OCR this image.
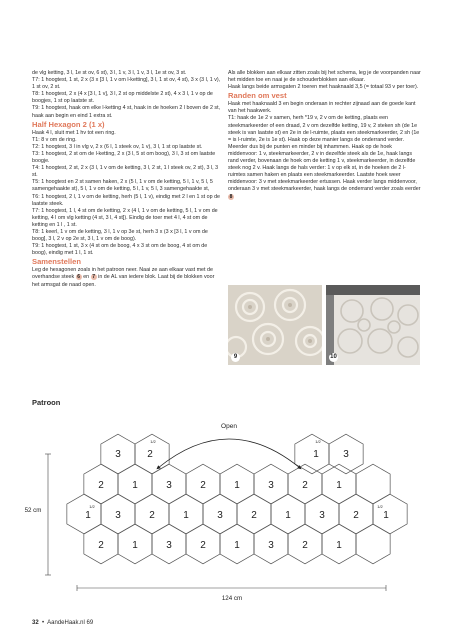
de vlg ketting, 3 l, 1e st ov, 6 st), 3 l, 1 v, 3 l, 1 v, 3 l, 1e st ov, 3 st.

T7: 1 hoogtest, 1 st, 2 x (3 x [3 l, 1 v om l-ketting], 3 l, 1 st ov, 4 st), 3 x (3 l, 1 v), 1 st ov, 2 st.

T8: 1 hoogtest, 2 x (4 x [3 l, 1 v], 3 l, 2 st op middelste 2 st), 4 x 3 l, 1 v op de boogjes, 1 st op laatste st.

T9: 1 hoogtest, haak om elke l-ketting 4 st, haak in de hoeken 2 l boven de 2 st, haak aan begin en eind 1 extra st.

Half Hexagon 2 (1 x)

Haak 4 l, sluit met 1 hv tot een ring.

T1: 8 v om de ring.

T2: 1 hoogtest, 3 l in vlg v, 2 x (6 l, 1 steek ov, 1 v), 3 l, 1 st op laatste st.

T3: 1 hoogtest, 2 st om de l-ketting, 2 x (3 l, 5 st om boog), 3 l, 3 st om laatste boogje.

T4: 1 hoogtest, 2 st, 2 x (3 l, 1 v om de ketting, 3 l, 2 st, 1 l steek ov, 2 st), 3 l, 3 st.

T5: 1 hoogtest en 2 st samen haken, 2 x (5 l, 1 v om de ketting, 5 l, 1 v, 5 l, 5 samengehaakte st), 5 l, 1 v om de ketting, 5 l, 1 v, 5 l, 3 samengehaakte st,

T6: 1 hoogtest, 2 l, 1 v om de ketting, herh (5 l, 1 v), eindig met 2 l en 1 st op de laatste steek.

T7: 1 hoogtest, 1 l, 4 st om de ketting, 2 x (4 l, 1 v om de ketting, 5 l, 1 v om de ketting, 4 l om vlg ketting (4 st, 3 l, 4 st]). Eindig de toer met 4 l, 4 st om de ketting en 1 l , 1 st.

T8: 1 keerl, 1 v om de ketting, 3 l, 1 v op 3e st, herh 3 x (3 x [3 l, 1 v om de boog], 3 l, 2 v op 2e st, 3 l, 1 v om de boog).

T9: 1 hoogtest, 1 st, 3 x (4 st om de boog, 4 x 3 st om de boog, 4 st om de boog), eindig met 1 l, 1 st.

Samenstellen

Leg de hexagonen zoals in het patroon neer. Naai ze aan elkaar vast met de overhandse steek 6 en 7 in de AL van iedere blok. Laat bij de blokken voor het armsgat de naad open.

Als alle blokken aan elkaar zitten zoals bij het schema, leg je de voorpanden naar het midden toe en naai je de schouderblokken aan elkaar.

Haak langs beide armsgaten 2 toeren met haaknaald 3,5 (= totaal 93 v per toer).

Randen om vest

Haak met haaknaald 3 en begin onderaan in rechter zijnaad aan de goede kant van het haakwerk.

T1: haak de 1e 2 v samen, herh *19 v, 2 v om de ketting, plaats een steekmarkeerder of een draad, 2 v om dezelfde ketting, 19 v, 2 steken sh (de 1e steek is van laatste st) en 2e in de l-ruimte, plaats een steekmarkeerder, 2 sh (1e = is l-ruimte, 2e is 1e st). Haak op deze manier langs de onderrand verder. Meerder dus bij de punten en minder bij inhammen. Haak op de hoek middenvoor: 1 v, steekmarkeerder, 2 v in dezelfde steek als de 1e, haak langs rand verder, bovenaan de hoek om de ketting 1 v, steekmarkeerder, in dezelfde steek nog 2 v. Haak langs de hals verder: 1 v op elk st, in de hoeken de 2 l-ruimtes samen haken en plaats een steekmarkeerder. Laatste hoek weer middenvoor: 3 v met steekmarkeerder ertussen. Haak verder langs middenvoor, onderaan 3 v met steekmarkeerder, haak langs de onderrand verder zoals eerder 8

9	10
Patroon
3	2	1 3
2	1	3	2	1	3	2	1
1 3	2	1	3	2	1	3	2 1
2	1	3	2	1	3	2	1
1/2	1/2
1/2	1/2
Open
52 cm
124 cm
32  •  AandeHaak.nl 69
